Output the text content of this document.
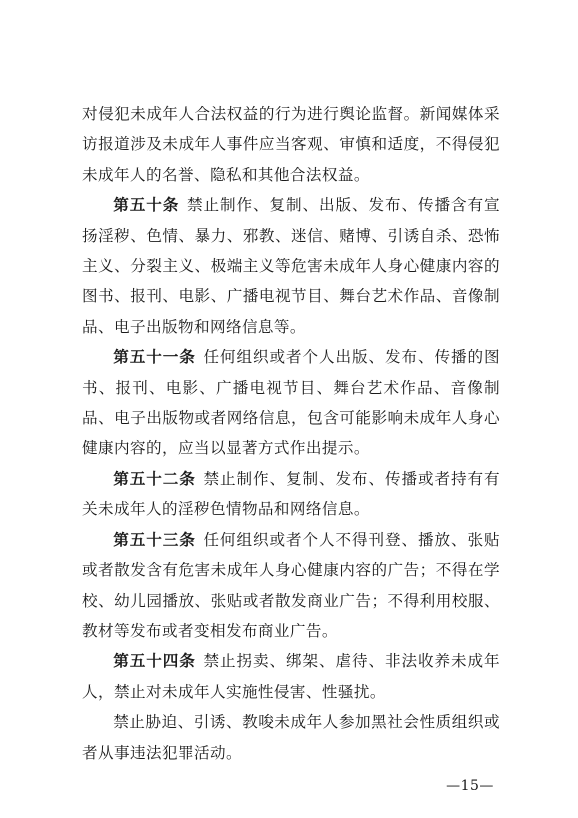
对侵犯未成年人合法权益的行为进行舆论监督。新闻媒体采访报道涉及未成年人事件应当客观、审慎和适度，不得侵犯未成年人的名誉、隐私和其他合法权益。

第五十条 禁止制作、复制、出版、发布、传播含有宣扬淫秽、色情、暴力、邪教、迷信、赌博、引诱自杀、恐怖主义、分裂主义、极端主义等危害未成年人身心健康内容的图书、报刊、电影、广播电视节目、舞台艺术作品、音像制品、电子出版物和网络信息等。

第五十一条 任何组织或者个人出版、发布、传播的图书、报刊、电影、广播电视节目、舞台艺术作品、音像制品、电子出版物或者网络信息，包含可能影响未成年人身心健康内容的，应当以显著方式作出提示。

第五十二条 禁止制作、复制、发布、传播或者持有有关未成年人的淫秽色情物品和网络信息。

第五十三条 任何组织或者个人不得刊登、播放、张贴或者散发含有危害未成年人身心健康内容的广告；不得在学校、幼儿园播放、张贴或者散发商业广告；不得利用校服、教材等发布或者变相发布商业广告。

第五十四条 禁止拐卖、绑架、虐待、非法收养未成年人，禁止对未成年人实施性侵害、性骚扰。

禁止胁迫、引诱、教唆未成年人参加黑社会性质组织或者从事违法犯罪活动。

—15—
